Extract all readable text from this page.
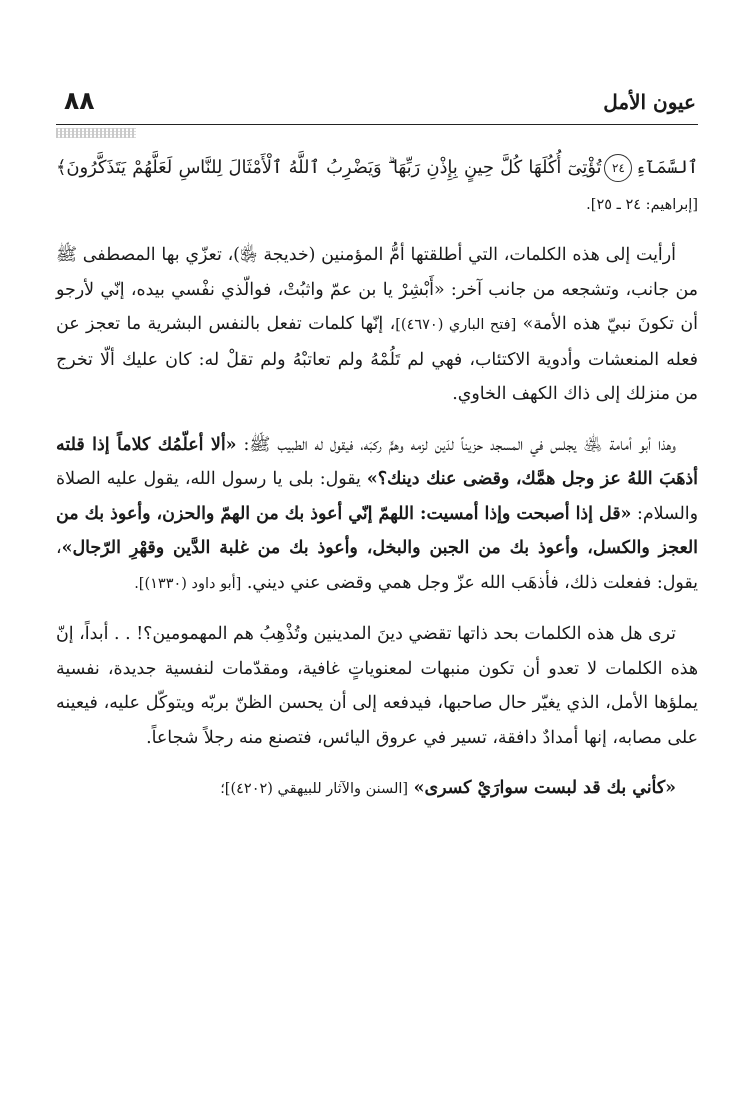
٨٨	عيون الأمل

ٱلسَّمَآءِ٢٤تُؤْتِىٓ أُكُلَهَا كُلَّ حِينٍ بِإِذْنِ رَبِّهَا ۗ وَيَضْرِبُ ٱللَّهُ ٱلْأَمْثَالَ لِلنَّاسِ لَعَلَّهُمْ يَتَذَكَّرُونَ﴾ [إبراهيم: ٢٤ ـ ٢٥].

أرأيت إلى هذه الكلمات، التي أطلقتها أمُّ المؤمنين (خديجة ﵂)، تعزّي بها المصطفى ﷺ من جانب، وتشجعه من جانب آخر: «أَبْشِرْ يا بن عمّ واثبُتْ، فوالّذي نفْسي بيده، إنّي لأرجو أن تكونَ نبيّ هذه الأمة» [فتح الباري (٤٦٧٠)]، إنّها كلمات تفعل بالنفس البشرية ما تعجز عن فعله المنعشات وأدوية الاكتئاب، فهي لم تَلُمْهُ ولم تعاتبْهُ ولم تقلْ له: كان عليك ألّا تخرج من منزلك إلى ذاك الكهف الخاوي.

وهذا أبو أمامة ﵁ يجلس في المسجد حزيناً لدَين لزمه وهمٍّ ركبَه، فيقول له الطبيب ﷺ: «ألا أعلّمُك كلاماً إذا قلته أذهَبَ اللهُ عز وجل همَّك، وقضى عنك دينك؟» يقول: بلى يا رسول الله، يقول عليه الصلاة والسلام: «قل إذا أصبحت وإذا أمسيت: اللهمّ إنّي أعوذ بك من الهمّ والحزن، وأعوذ بك من العجز والكسل، وأعوذ بك من الجبن والبخل، وأعوذ بك من غلبة الدَّين وقهْرِ الرّجال»، يقول: ففعلت ذلك، فأذهَب الله عزّ وجل همي وقضى عني ديني. [أبو داود (١٣٣٠)].

ترى هل هذه الكلمات بحد ذاتها تقضي دينَ المدينين وتُذْهِبُ هم المهمومين؟! . . أبداً، إنّ هذه الكلمات لا تعدو أن تكون منبهات لمعنوياتٍ غافية، ومقدّمات لنفسية جديدة، نفسية يملؤها الأمل، الذي يغيّر حال صاحبها، فيدفعه إلى أن يحسن الظنّ بربّه ويتوكّل عليه، فيعينه على مصابه، إنها أمدادٌ دافقة، تسير في عروق اليائس، فتصنع منه رجلاً شجاعاً.

«كأني بك قد لبست سوارَيْ كسرى» [السنن والآثار للبيهقي (٤٢٠٢)]؛
